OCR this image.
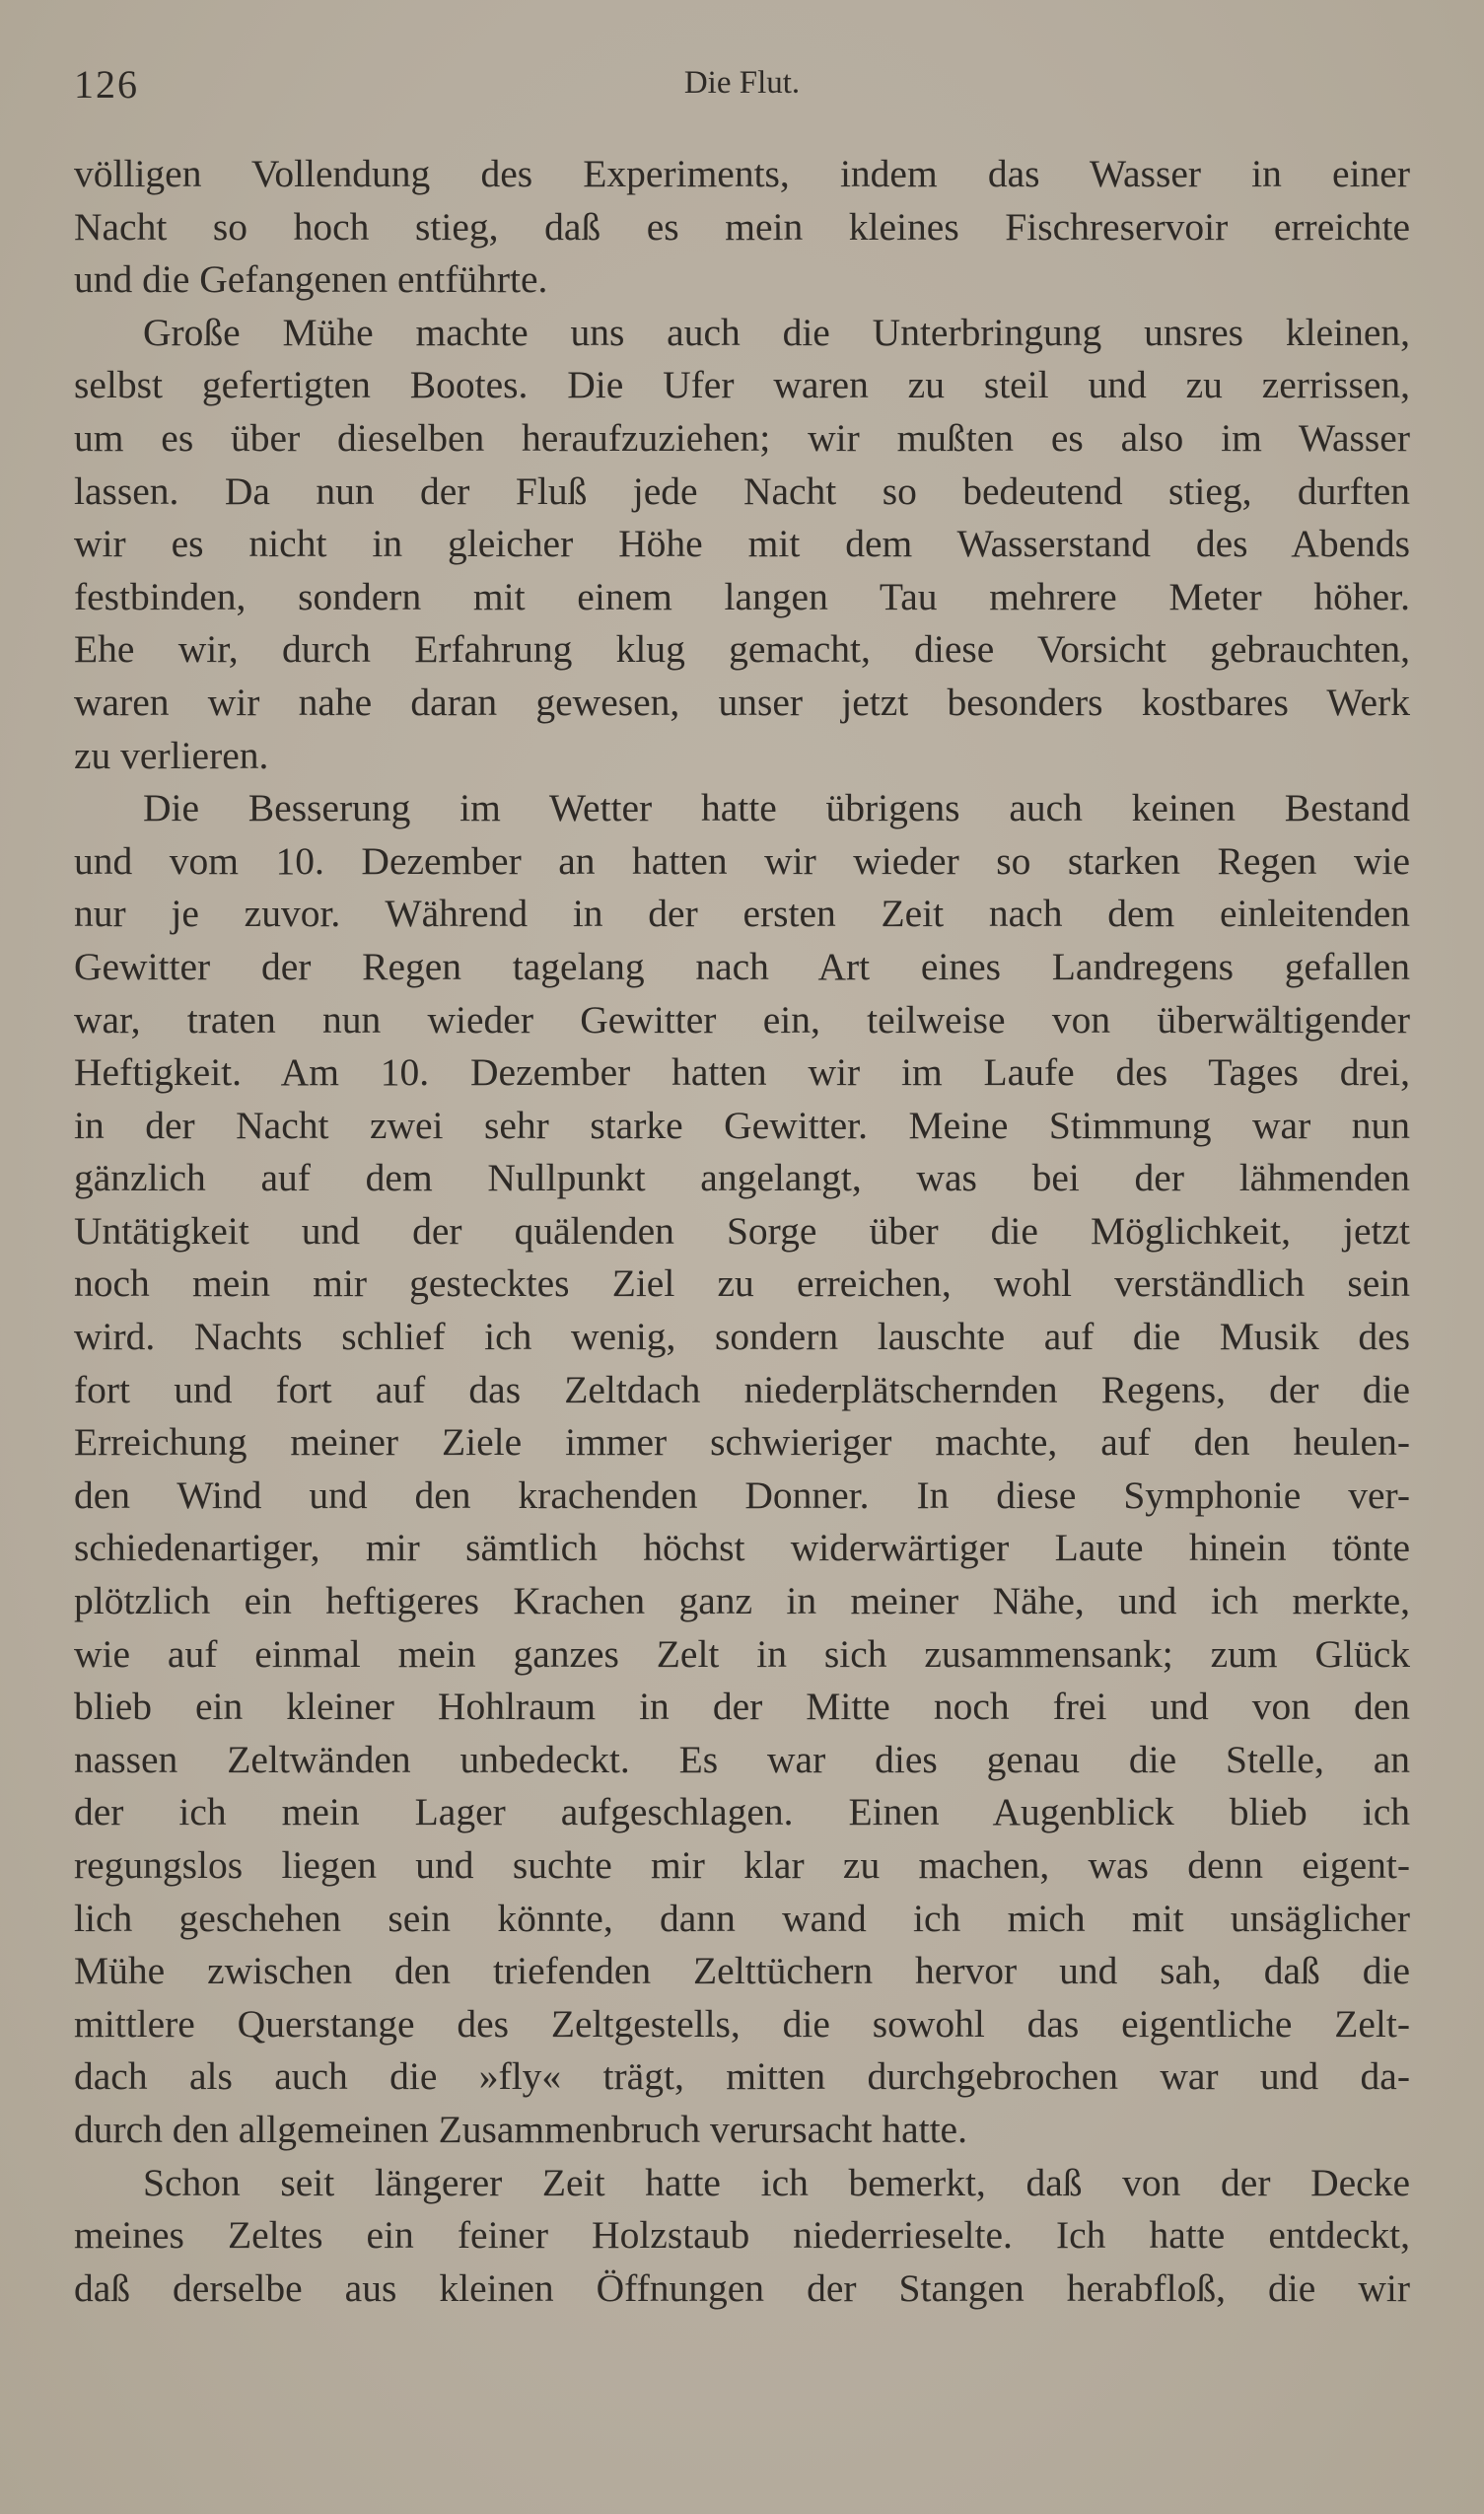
126	Die Flut.
völligen Vollendung des Experiments, indem das Wasser in einer
Nacht so hoch stieg, daß es mein kleines Fischreservoir erreichte
und die Gefangenen entführte.
Große Mühe machte uns auch die Unterbringung unsres kleinen,
selbst gefertigten Bootes. Die Ufer waren zu steil und zu zerrissen,
um es über dieselben heraufzuziehen; wir mußten es also im Wasser
lassen. Da nun der Fluß jede Nacht so bedeutend stieg, durften
wir es nicht in gleicher Höhe mit dem Wasserstand des Abends
festbinden, sondern mit einem langen Tau mehrere Meter höher.
Ehe wir, durch Erfahrung klug gemacht, diese Vorsicht gebrauchten,
waren wir nahe daran gewesen, unser jetzt besonders kostbares Werk
zu verlieren.
Die Besserung im Wetter hatte übrigens auch keinen Bestand
und vom 10. Dezember an hatten wir wieder so starken Regen wie
nur je zuvor. Während in der ersten Zeit nach dem einleitenden
Gewitter der Regen tagelang nach Art eines Landregens gefallen
war, traten nun wieder Gewitter ein, teilweise von überwältigender
Heftigkeit. Am 10. Dezember hatten wir im Laufe des Tages drei,
in der Nacht zwei sehr starke Gewitter. Meine Stimmung war nun
gänzlich auf dem Nullpunkt angelangt, was bei der lähmenden
Untätigkeit und der quälenden Sorge über die Möglichkeit, jetzt
noch mein mir gestecktes Ziel zu erreichen, wohl verständlich sein
wird. Nachts schlief ich wenig, sondern lauschte auf die Musik des
fort und fort auf das Zeltdach niederplätschernden Regens, der die
Erreichung meiner Ziele immer schwieriger machte, auf den heulen-
den Wind und den krachenden Donner. In diese Symphonie ver-
schiedenartiger, mir sämtlich höchst widerwärtiger Laute hinein tönte
plötzlich ein heftigeres Krachen ganz in meiner Nähe, und ich merkte,
wie auf einmal mein ganzes Zelt in sich zusammensank; zum Glück
blieb ein kleiner Hohlraum in der Mitte noch frei und von den
nassen Zeltwänden unbedeckt. Es war dies genau die Stelle, an
der ich mein Lager aufgeschlagen. Einen Augenblick blieb ich
regungslos liegen und suchte mir klar zu machen, was denn eigent-
lich geschehen sein könnte, dann wand ich mich mit unsäglicher
Mühe zwischen den triefenden Zelttüchern hervor und sah, daß die
mittlere Querstange des Zeltgestells, die sowohl das eigentliche Zelt-
dach als auch die »fly« trägt, mitten durchgebrochen war und da-
durch den allgemeinen Zusammenbruch verursacht hatte.
Schon seit längerer Zeit hatte ich bemerkt, daß von der Decke
meines Zeltes ein feiner Holzstaub niederrieselte. Ich hatte entdeckt,
daß derselbe aus kleinen Öffnungen der Stangen herabfloß, die wir
